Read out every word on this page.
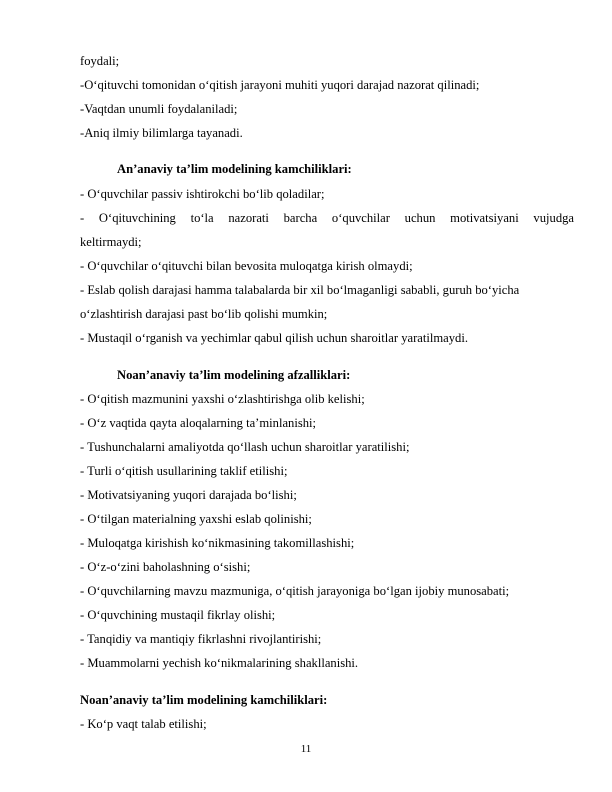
foydali;
-O‘qituvchi tomonidan o‘qitish jarayoni muhiti yuqori darajad nazorat qilinadi;
-Vaqtdan unumli foydalaniladi;
-Aniq ilmiy bilimlarga tayanadi.
An’anaviy ta’lim modelining kamchiliklari:
- O‘quvchilar passiv ishtirokchi bo‘lib qoladilar;
- O‘qituvchining to‘la nazorati barcha o‘quvchilar uchun motivatsiyani vujudga
keltirmaydi;
- O‘quvchilar o‘qituvchi bilan bevosita muloqatga kirish olmaydi;
- Eslab qolish darajasi hamma talabalarda bir xil bo‘lmaganligi sababli, guruh bo‘yicha
o‘zlashtirish darajasi past bo‘lib qolishi mumkin;
- Mustaqil o‘rganish va yechimlar qabul qilish uchun sharoitlar yaratilmaydi.
Noan’anaviy ta’lim modelining afzalliklari:
- O‘qitish mazmunini yaxshi o‘zlashtirishga olib kelishi;
- O‘z vaqtida qayta aloqalarning ta’minlanishi;
- Tushunchalarni amaliyotda qo‘llash uchun sharoitlar yaratilishi;
- Turli o‘qitish usullarining taklif etilishi;
- Motivatsiyaning yuqori darajada bo‘lishi;
- O‘tilgan materialning yaxshi eslab qolinishi;
- Muloqatga kirishish ko‘nikmasining takomillashishi;
- O‘z-o‘zini baholashning o‘sishi;
- O‘quvchilarning mavzu mazmuniga, o‘qitish jarayoniga bo‘lgan ijobiy munosabati;
- O‘quvchining mustaqil fikrlay olishi;
- Tanqidiy va mantiqiy fikrlashni rivojlantirishi;
- Muammolarni yechish ko‘nikmalarining shakllanishi.
Noan’anaviy ta’lim modelining kamchiliklari:
- Ko‘p vaqt talab etilishi;
11
